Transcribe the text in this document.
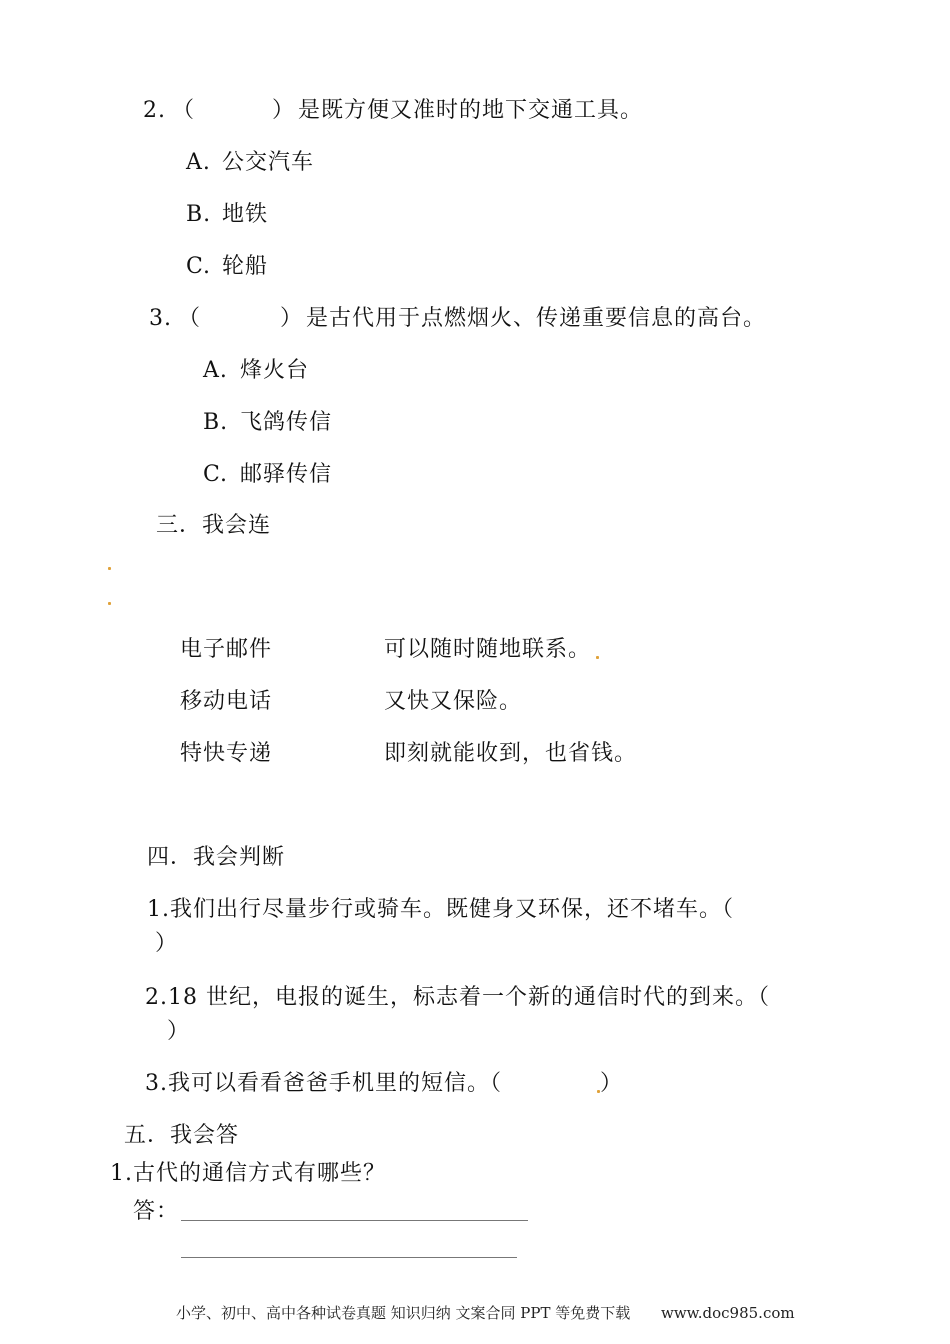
2. （	） 是既方便又准时的地下交通工具。
A. 公交汽车
B. 地铁
C. 轮船
3. （	） 是古代用于点燃烟火、传递重要信息的高台。
A. 烽火台
B. 飞鸽传信
C. 邮驿传信
三．我会连
电子邮件	可以随时随地联系。
移动电话	又快又保险。
特快专递	即刻就能收到，也省钱。
四．我会判断
1.我们出行尽量步行或骑车。既健身又环保，还不堵车。（
）
2.18 世纪，电报的诞生，标志着一个新的通信时代的到来。（
）
3.我可以看看爸爸手机里的短信。（	）
五．我会答
1.古代的通信方式有哪些？
答：
小学、初中、高中各种试卷真题 知识归纳 文案合同 PPT 等免费下载 www.doc985.com
